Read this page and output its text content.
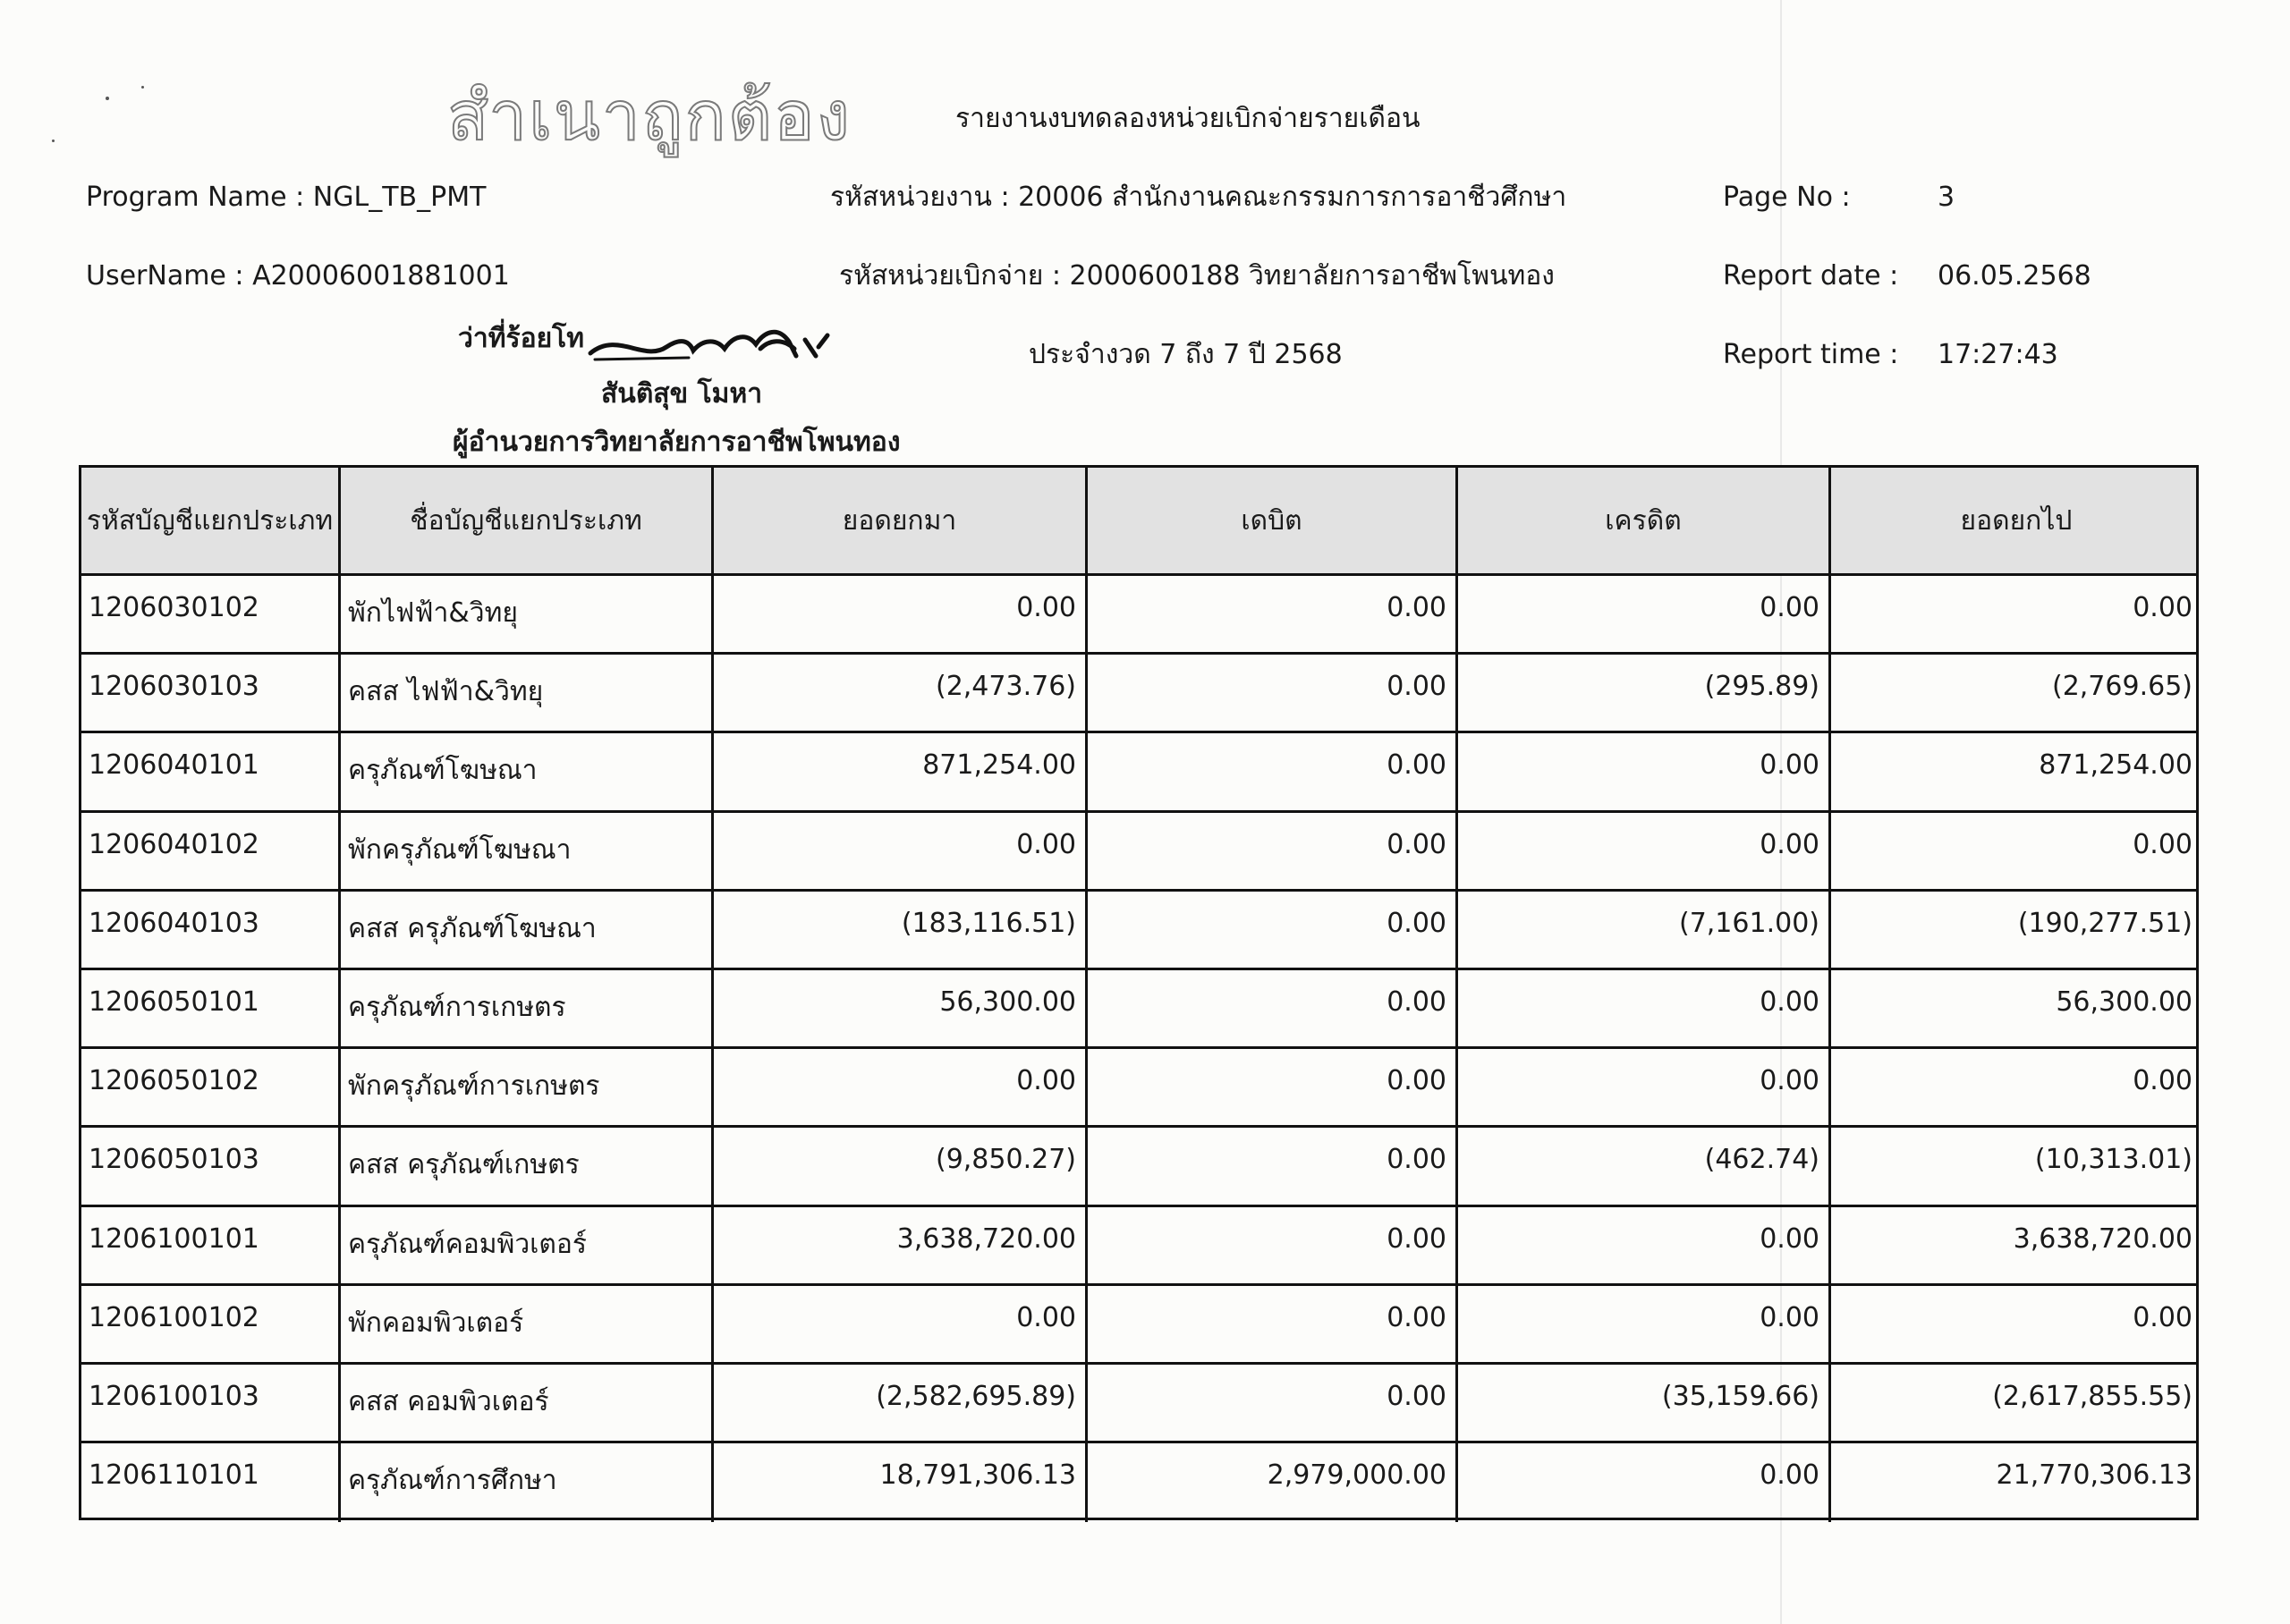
สำเนาถูกต้อง	รายงานงบทดลองหน่วยเบิกจ่ายรายเดือน
Program Name : NGL_TB_PMT	รหัสหน่วยงาน : 20006 สำนักงานคณะกรรมการการอาชีวศึกษา	Page No :	3
UserName : A20006001881001	รหัสหน่วยเบิกจ่าย : 2000600188 วิทยาลัยการอาชีพโพนทอง	Report date : 06.05.2568
ว่าที่ร้อยโท
ประจำงวด 7 ถึง 7 ปี 2568	Report time : 17:27:43
สันติสุข โมหา
ผู้อำนวยการวิทยาลัยการอาชีพโพนทอง
รหัสบัญชีแยกประเภท	ชื่อบัญชีแยกประเภท	ยอดยกมา	เดบิต	เครดิต	ยอดยกไป
1206030102	พักไฟฟ้า&วิทยุ	0.00	0.00	0.00	0.00
1206030103	คสส ไฟฟ้า&วิทยุ	(2,473.76)	0.00	(295.89)	(2,769.65)
1206040101	ครุภัณฑ์โฆษณา	871,254.00	0.00	0.00	871,254.00
1206040102	พักครุภัณฑ์โฆษณา	0.00	0.00	0.00	0.00
1206040103	คสส ครุภัณฑ์โฆษณา	(183,116.51)	0.00	(7,161.00)	(190,277.51)
1206050101	ครุภัณฑ์การเกษตร	56,300.00	0.00	0.00	56,300.00
1206050102	พักครุภัณฑ์การเกษตร	0.00	0.00	0.00	0.00
1206050103	คสส ครุภัณฑ์เกษตร	(9,850.27)	0.00	(462.74)	(10,313.01)
1206100101	ครุภัณฑ์คอมพิวเตอร์	3,638,720.00	0.00	0.00	3,638,720.00
1206100102	พักคอมพิวเตอร์	0.00	0.00	0.00	0.00
1206100103	คสส คอมพิวเตอร์	(2,582,695.89)	0.00	(35,159.66)	(2,617,855.55)
1206110101	ครุภัณฑ์การศึกษา	18,791,306.13	2,979,000.00	0.00	21,770,306.13
